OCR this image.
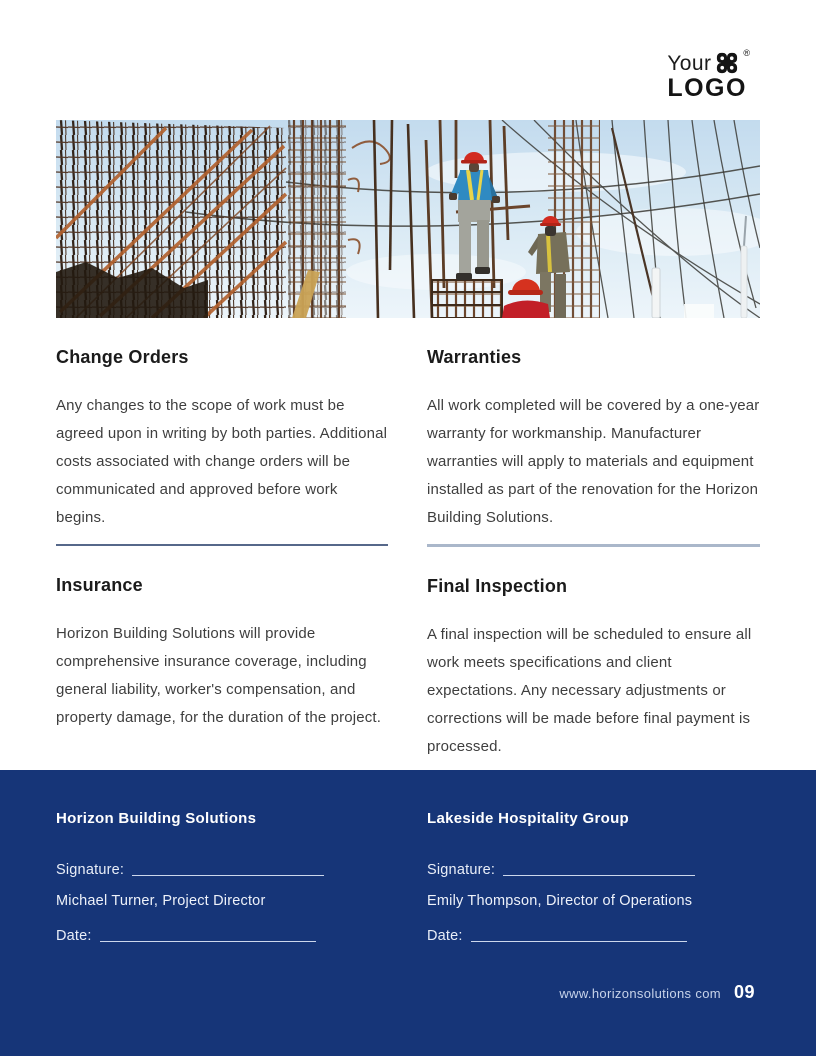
Your	®
LOGO
Change Orders

Any changes to the scope of work must be agreed upon in writing by both parties. Additional costs associated with change orders will be communicated and approved before work begins.

Insurance

Horizon Building Solutions will provide comprehensive insurance coverage, including general liability, worker's compensation, and property damage, for the duration of the project.

Warranties

All work completed will be covered by a one-year warranty for workmanship. Manufacturer warranties will apply to materials and equipment installed as part of the renovation for the Horizon Building Solutions.

Final Inspection

A final inspection will be scheduled to ensure all work meets specifications and client expectations. Any necessary adjustments or corrections will be made before final payment is processed.

Horizon Building Solutions
Signature:
Michael Turner, Project Director
Date:
Lakeside Hospitality Group
Signature:
Emily Thompson, Director of Operations
Date:
www.horizonsolutions com 09
